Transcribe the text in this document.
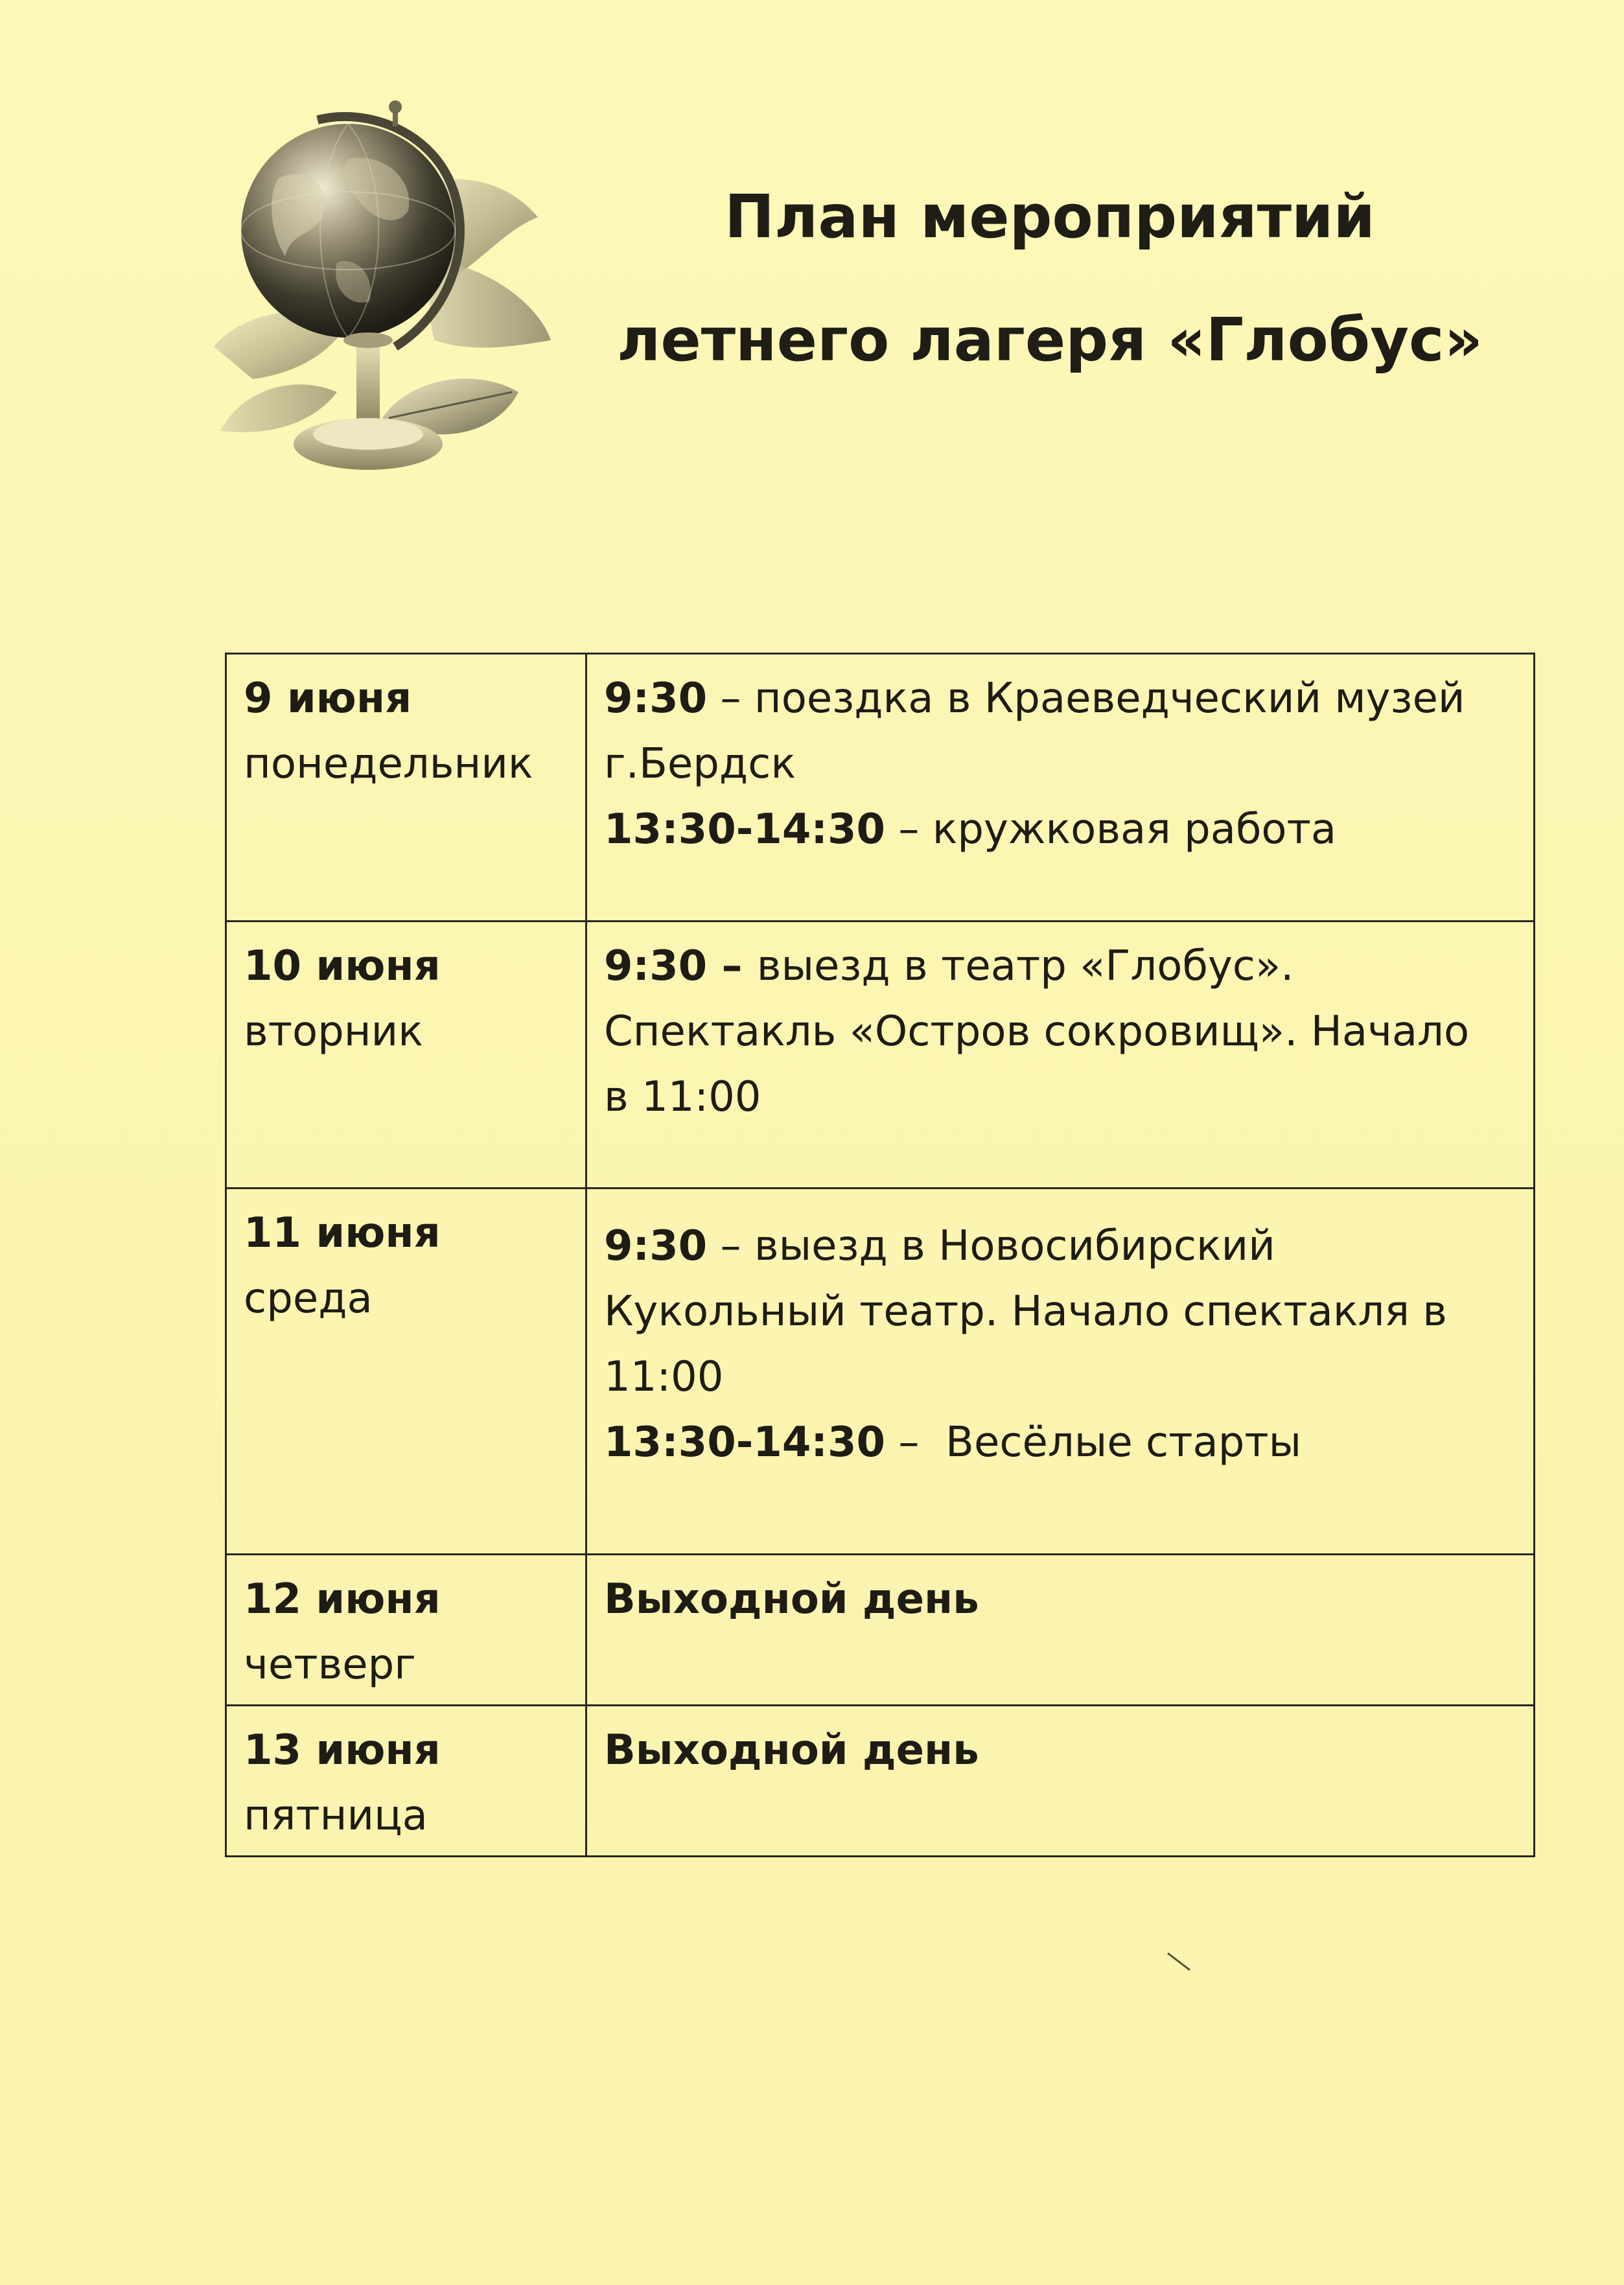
План мероприятий
летнего лагеря «Глобус»
9 июня
понедельник	9:30 – поездка в Краеведческий музей
г.Бердск
13:30-14:30 – кружковая работа

10 июня
вторник	9:30 – выезд в театр «Глобус».
Спектакль «Остров сокровищ». Начало
в 11:00

11 июня
среда	9:30 – выезд в Новосибирский
Кукольный театр. Начало спектакля в
11:00
13:30-14:30 –  Весёлые старты

12 июня
четверг	Выходной день

13 июня
пятница	Выходной день
